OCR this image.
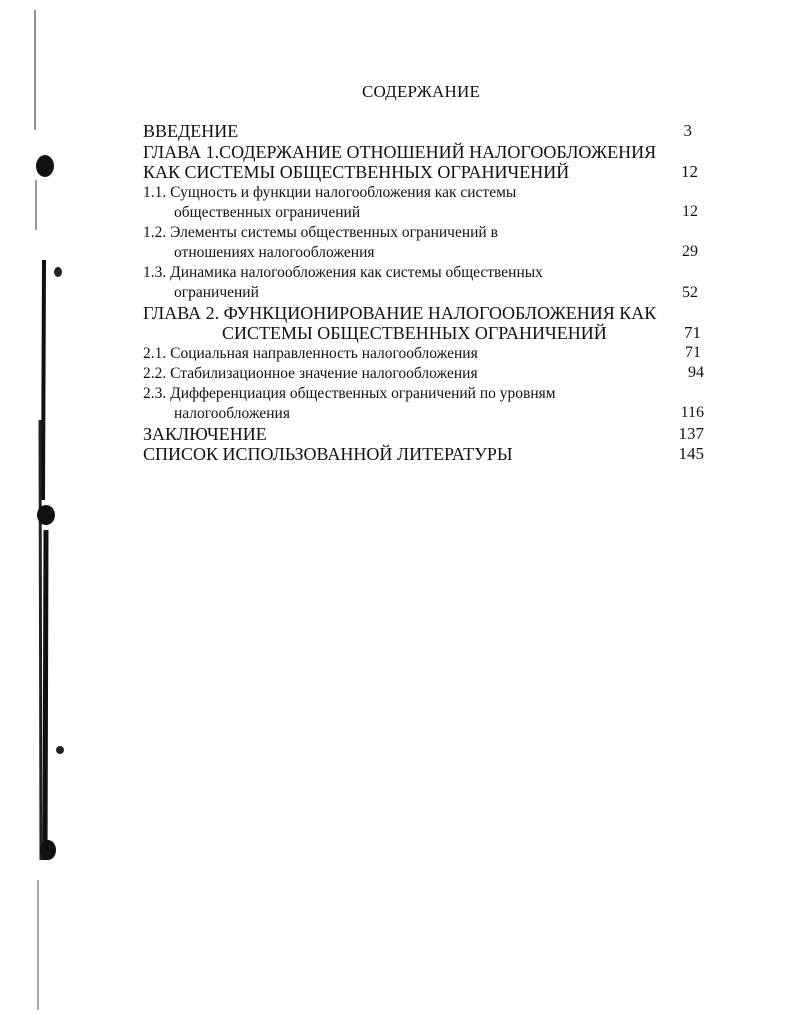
СОДЕРЖАНИЕ
ВВЕДЕНИЕ	3
ГЛАВА 1.СОДЕРЖАНИЕ ОТНОШЕНИЙ НАЛОГООБЛОЖЕНИЯ
КАК СИСТЕМЫ ОБЩЕСТВЕННЫХ ОГРАНИЧЕНИЙ	12
1.1. Сущность и функции налогообложения как системы
общественных ограничений	12
1.2. Элементы системы общественных ограничений в
отношениях налогообложения	29
1.3. Динамика налогообложения как системы общественных
ограничений	52
ГЛАВА 2. ФУНКЦИОНИРОВАНИЕ НАЛОГООБЛОЖЕНИЯ КАК
СИСТЕМЫ ОБЩЕСТВЕННЫХ ОГРАНИЧЕНИЙ	71
2.1. Социальная направленность налогообложения	71
2.2. Стабилизационное значение налогообложения	94
2.3. Дифференциация общественных ограничений по уровням
налогообложения	116
ЗАКЛЮЧЕНИЕ	137
СПИСОК ИСПОЛЬЗОВАННОЙ ЛИТЕРАТУРЫ	145
